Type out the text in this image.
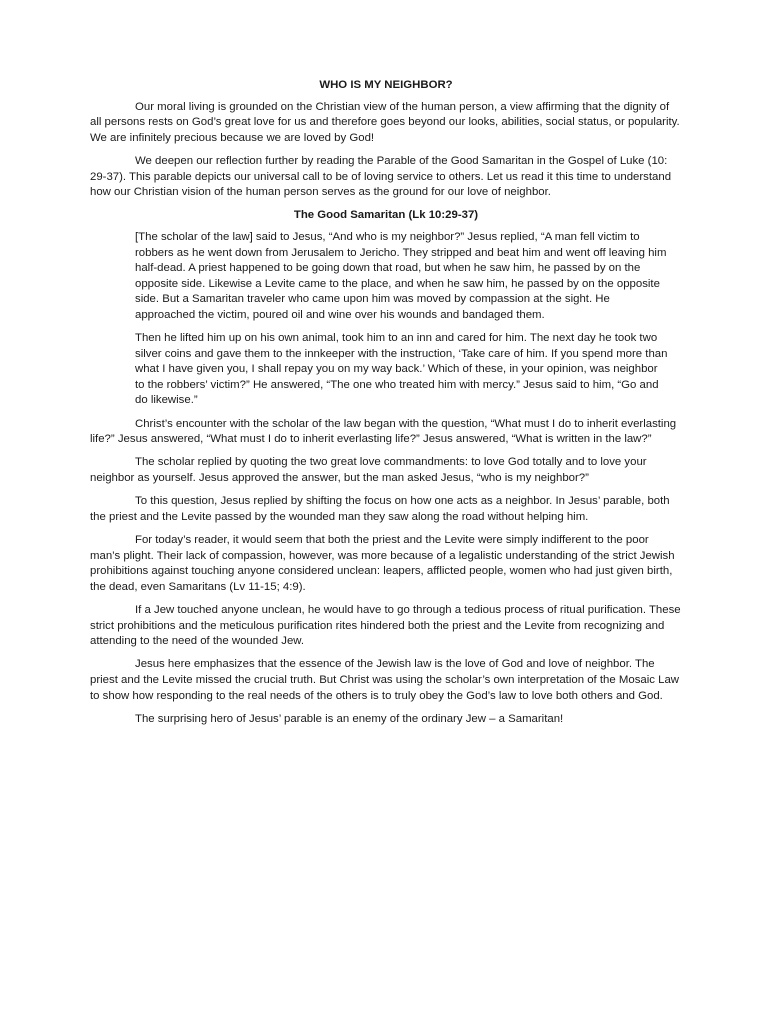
WHO IS MY NEIGHBOR?

Our moral living is grounded on the Christian view of the human person, a view affirming that the dignity of all persons rests on God’s great love for us and therefore goes beyond our looks, abilities, social status, or popularity. We are infinitely precious because we are loved by God!

We deepen our reflection further by reading the Parable of the Good Samaritan in the Gospel of Luke (10: 29-37). This parable depicts our universal call to be of loving service to others. Let us read it this time to understand how our Christian vision of the human person serves as the ground for our love of neighbor.

The Good Samaritan (Lk 10:29-37)

[The scholar of the law] said to Jesus, “And who is my neighbor?” Jesus replied, “A man fell victim to robbers as he went down from Jerusalem to Jericho. They stripped and beat him and went off leaving him half-dead. A priest happened to be going down that road, but when he saw him, he passed by on the opposite side. Likewise a Levite came to the place, and when he saw him, he passed by on the opposite side. But a Samaritan traveler who came upon him was moved by compassion at the sight. He approached the victim, poured oil and wine over his wounds and bandaged them.

Then he lifted him up on his own animal, took him to an inn and cared for him. The next day he took two silver coins and gave them to the innkeeper with the instruction, ‘Take care of him. If you spend more than what I have given you, I shall repay you on my way back.’ Which of these, in your opinion, was neighbor to the robbers’ victim?” He answered, “The one who treated him with mercy.” Jesus said to him, “Go and do likewise.”

Christ’s encounter with the scholar of the law began with the question, “What must I do to inherit everlasting life?” Jesus answered, “What must I do to inherit everlasting life?” Jesus answered, “What is written in the law?”

The scholar replied by quoting the two great love commandments: to love God totally and to love your neighbor as yourself. Jesus approved the answer, but the man asked Jesus, “who is my neighbor?”

To this question, Jesus replied by shifting the focus on how one acts as a neighbor. In Jesus’ parable, both the priest and the Levite passed by the wounded man they saw along the road without helping him.

For today’s reader, it would seem that both the priest and the Levite were simply indifferent to the poor man’s plight. Their lack of compassion, however, was more because of a legalistic understanding of the strict Jewish prohibitions against touching anyone considered unclean: leapers, afflicted people, women who had just given birth, the dead, even Samaritans (Lv 11-15; 4:9).

If a Jew touched anyone unclean, he would have to go through a tedious process of ritual purification. These strict prohibitions and the meticulous purification rites hindered both the priest and the Levite from recognizing and attending to the need of the wounded Jew.

Jesus here emphasizes that the essence of the Jewish law is the love of God and love of neighbor. The priest and the Levite missed the crucial truth. But Christ was using the scholar’s own interpretation of the Mosaic Law to show how responding to the real needs of the others is to truly obey the God’s law to love both others and God.

The surprising hero of Jesus’ parable is an enemy of the ordinary Jew – a Samaritan!
